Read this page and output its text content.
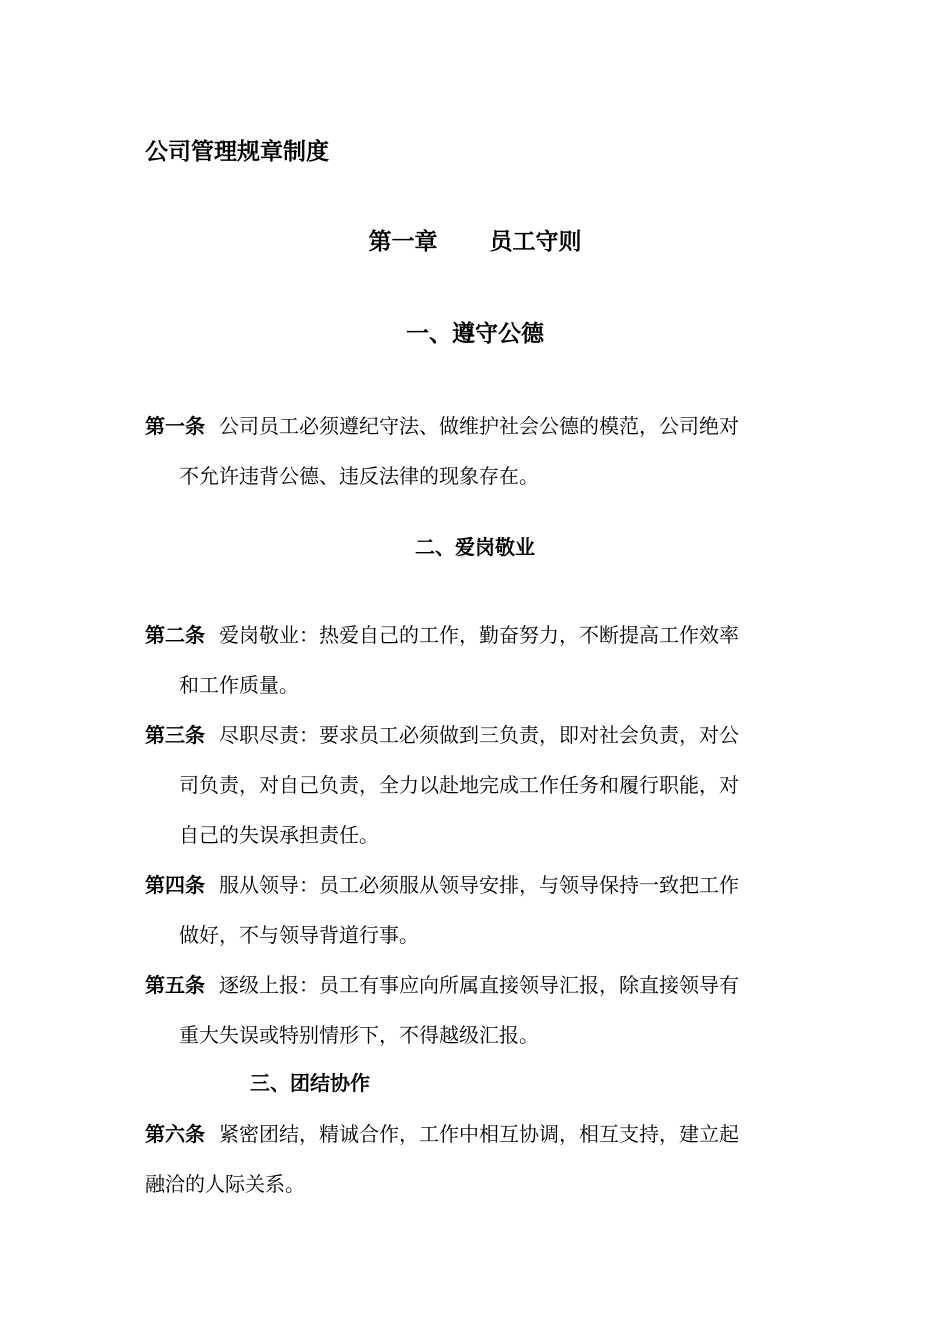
公司管理规章制度
第一章 员工守则
一、遵守公德
第一条 公司员工必须遵纪守法、做维护社会公德的模范，公司绝对
不允许违背公德、违反法律的现象存在。
二、爱岗敬业
第二条 爱岗敬业：热爱自己的工作，勤奋努力，不断提高工作效率
和工作质量。
第三条 尽职尽责：要求员工必须做到三负责，即对社会负责，对公
司负责，对自己负责，全力以赴地完成工作任务和履行职能，对
自己的失误承担责任。
第四条 服从领导：员工必须服从领导安排，与领导保持一致把工作
做好，不与领导背道行事。
第五条 逐级上报：员工有事应向所属直接领导汇报，除直接领导有
重大失误或特别情形下，不得越级汇报。
三、团结协作
第六条 紧密团结，精诚合作，工作中相互协调，相互支持，建立起
融洽的人际关系。
